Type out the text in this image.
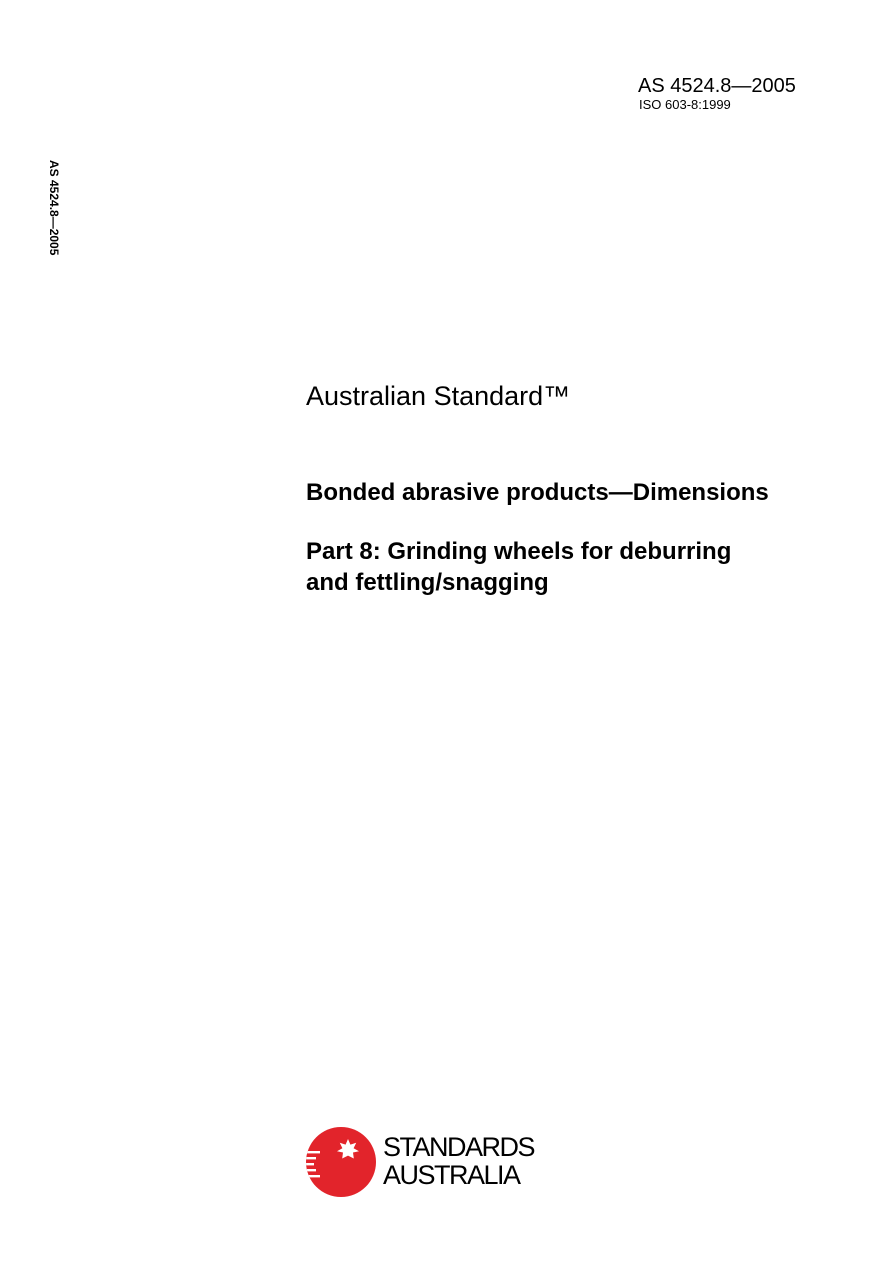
AS 4524.8—2005
ISO 603-8:1999
AS 4524.8—2005
Australian Standard™
Bonded abrasive products—Dimensions
Part 8: Grinding wheels for deburring
and fettling/snagging
STANDARDS
AUSTRALIA
